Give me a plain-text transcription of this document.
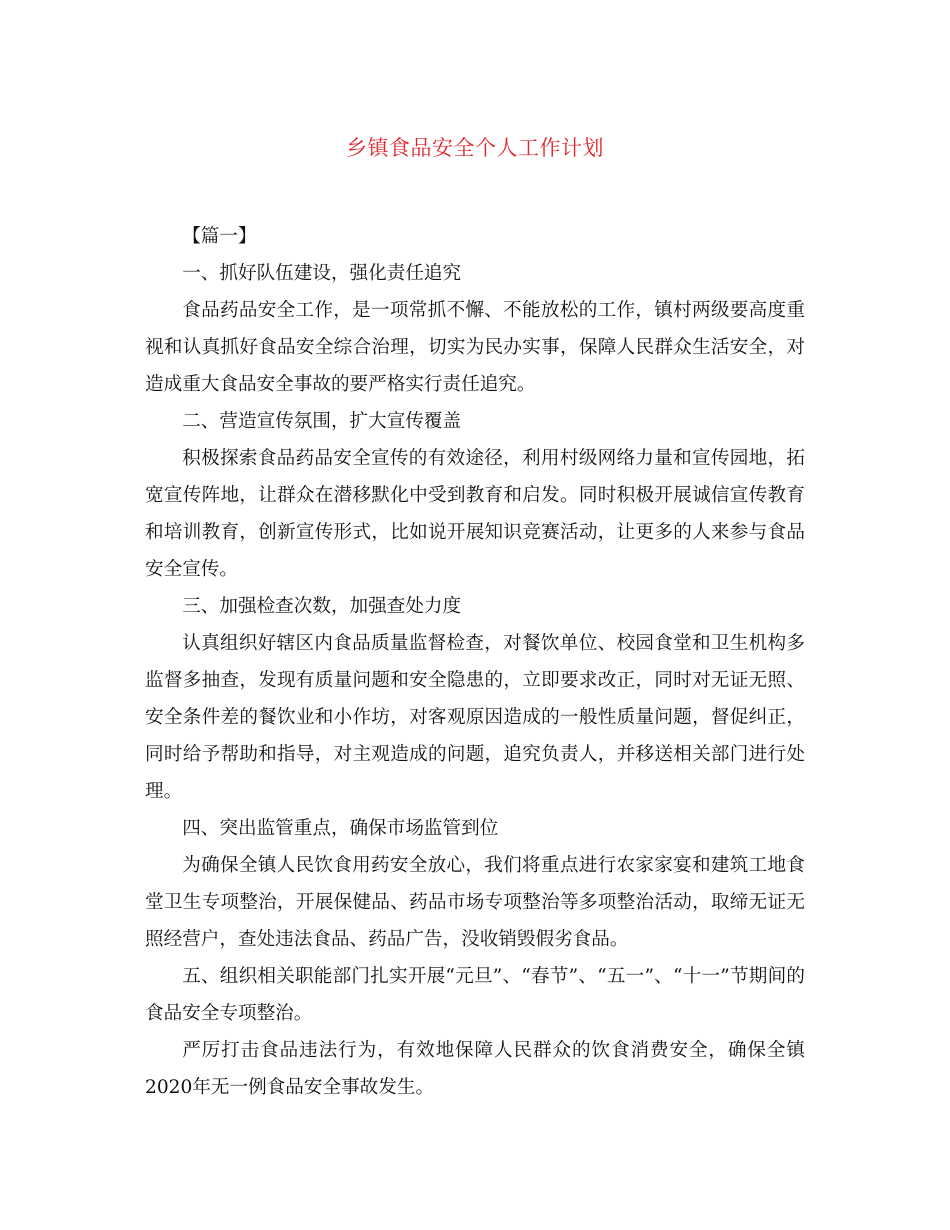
乡镇食品安全个人工作计划

【篇一】

一、抓好队伍建设，强化责任追究

食品药品安全工作，是一项常抓不懈、不能放松的工作，镇村两级要高度重视和认真抓好食品安全综合治理，切实为民办实事，保障人民群众生活安全，对造成重大食品安全事故的要严格实行责任追究。

二、营造宣传氛围，扩大宣传覆盖

积极探索食品药品安全宣传的有效途径，利用村级网络力量和宣传园地，拓宽宣传阵地，让群众在潜移默化中受到教育和启发。同时积极开展诚信宣传教育和培训教育，创新宣传形式，比如说开展知识竞赛活动，让更多的人来参与食品安全宣传。

三、加强检查次数，加强查处力度

认真组织好辖区内食品质量监督检查，对餐饮单位、校园食堂和卫生机构多监督多抽查，发现有质量问题和安全隐患的，立即要求改正，同时对无证无照、安全条件差的餐饮业和小作坊，对客观原因造成的一般性质量问题，督促纠正，同时给予帮助和指导，对主观造成的问题，追究负责人，并移送相关部门进行处理。

四、突出监管重点，确保市场监管到位

为确保全镇人民饮食用药安全放心，我们将重点进行农家家宴和建筑工地食堂卫生专项整治，开展保健品、药品市场专项整治等多项整治活动，取缔无证无照经营户，查处违法食品、药品广告，没收销毁假劣食品。

五、组织相关职能部门扎实开展“元旦”、“春节”、“五一”、“十一”节期间的食品安全专项整治。

严厉打击食品违法行为，有效地保障人民群众的饮食消费安全，确保全镇2020年无一例食品安全事故发生。
